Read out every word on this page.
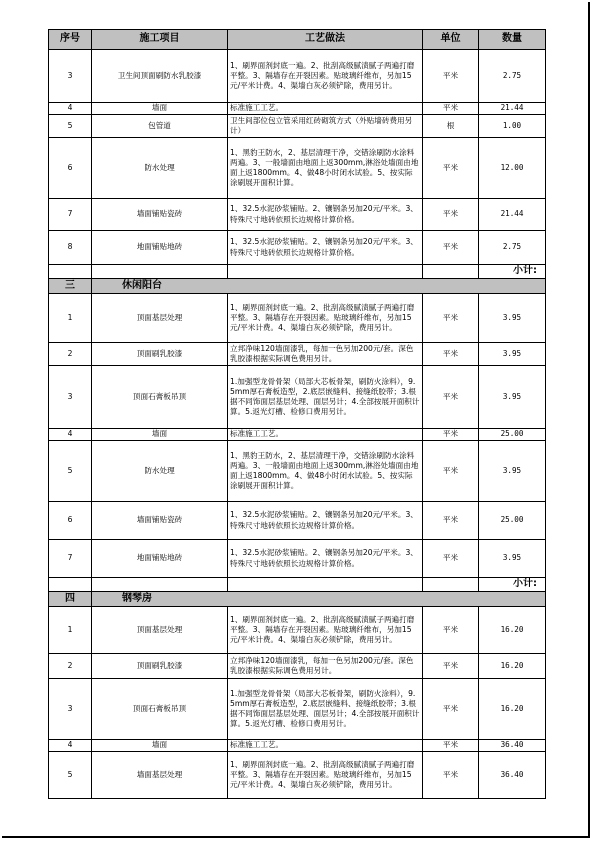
序号	施工项目	工艺做法	单位	数量
3	卫生间顶面刷防水乳胶漆	1、刷界面剂封底一遍。2、批刮高级腻渍腻子两遍打磨平整。3、隔墙存在开裂因素。贴玻璃纤维布，另加15元/平米计费。4、渠墙白灰必须铲除，费用另计。	平米	2.75
4	墙面	标准施工工艺。	平米	21.44
5	包管道	卫生间部位包立管采用红砖砌筑方式（外贴墙砖费用另计）	根	1.00
6	防水处理	1、黑豹王防水，2、基层清理干净，交错涂刷防水涂料两遍。3、一般墙面由地面上返300mm,淋浴处墙面由地面上返1800mm。4、做48小时闭水试验。5、按实际涂刷展开面积计算。	平米	12.00
7	墙面铺贴瓷砖	1、32.5水泥砂浆铺贴。2、镶钢条另加20元/平米。3、特殊尺寸地砖依照长边规格计算价格。	平米	21.44
8	地面铺贴地砖	1、32.5水泥砂浆铺贴。2、镶钢条另加20元/平米。3、特殊尺寸地砖依照长边规格计算价格。	平米	2.75
				小计:
三	休闲阳台			
1	顶面基层处理	1、刷界面剂封底一遍。2、批刮高级腻渍腻子两遍打磨平整。3、隔墙存在开裂因素。贴玻璃纤维布，另加15元/平米计费。4、渠墙白灰必须铲除，费用另计。	平米	3.95
2	顶面刷乳胶漆	立邦净味120墙面漆乳，每加一色另加200元/套。深色乳胶漆根据实际调色费用另计。	平米	3.95
3	顶面石膏板吊顶	1.加强型龙骨骨架（局部大芯板骨架，刷防火涂料），9.5mm厚石膏板造型，2.底层嵌缝料、接缝纸胶带；3.根据不同饰面层基层处理、面层另计；4.全部按展开面积计算。5.返光灯槽、检修口费用另计。	平米	3.95
4	墙面	标准施工工艺。	平米	25.00
5	防水处理	1、黑豹王防水，2、基层清理干净，交错涂刷防水涂料两遍。3、一般墙面由地面上返300mm,淋浴处墙面由地面上返1800mm。4、做48小时闭水试验。5、按实际涂刷展开面积计算。	平米	3.95
6	墙面铺贴瓷砖	1、32.5水泥砂浆铺贴。2、镶钢条另加20元/平米。3、特殊尺寸地砖依照长边规格计算价格。	平米	25.00
7	地面铺贴地砖	1、32.5水泥砂浆铺贴。2、镶钢条另加20元/平米。3、特殊尺寸地砖依照长边规格计算价格。	平米	3.95
				小计:
四	钢琴房			
1	顶面基层处理	1、刷界面剂封底一遍。2、批刮高级腻渍腻子两遍打磨平整。3、隔墙存在开裂因素。贴玻璃纤维布，另加15元/平米计费。4、渠墙白灰必须铲除，费用另计。	平米	16.20
2	顶面刷乳胶漆	立邦净味120墙面漆乳，每加一色另加200元/套。深色乳胶漆根据实际调色费用另计。	平米	16.20
3	顶面石膏板吊顶	1.加强型龙骨骨架（局部大芯板骨架，刷防火涂料），9.5mm厚石膏板造型，2.底层嵌缝料、接缝纸胶带；3.根据不同饰面层基层处理、面层另计；4.全部按展开面积计算。5.返光灯槽、检修口费用另计。	平米	16.20
4	墙面	标准施工工艺。	平米	36.40
5	墙面基层处理	1、刷界面剂封底一遍。2、批刮高级腻渍腻子两遍打磨平整。3、隔墙存在开裂因素。贴玻璃纤维布，另加15元/平米计费。4、渠墙白灰必须铲除，费用另计。	平米	36.40
